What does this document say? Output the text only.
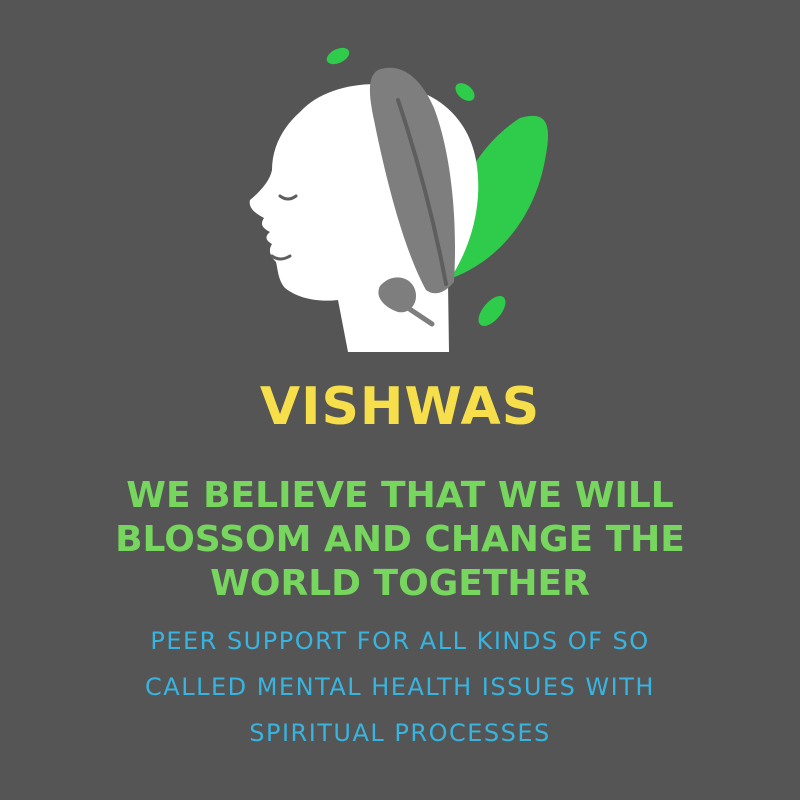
VISHWAS
WE BELIEVE THAT WE WILL
BLOSSOM AND CHANGE THE
WORLD TOGETHER
PEER SUPPORT FOR ALL KINDS OF SO
CALLED MENTAL HEALTH ISSUES WITH
SPIRITUAL PROCESSES
